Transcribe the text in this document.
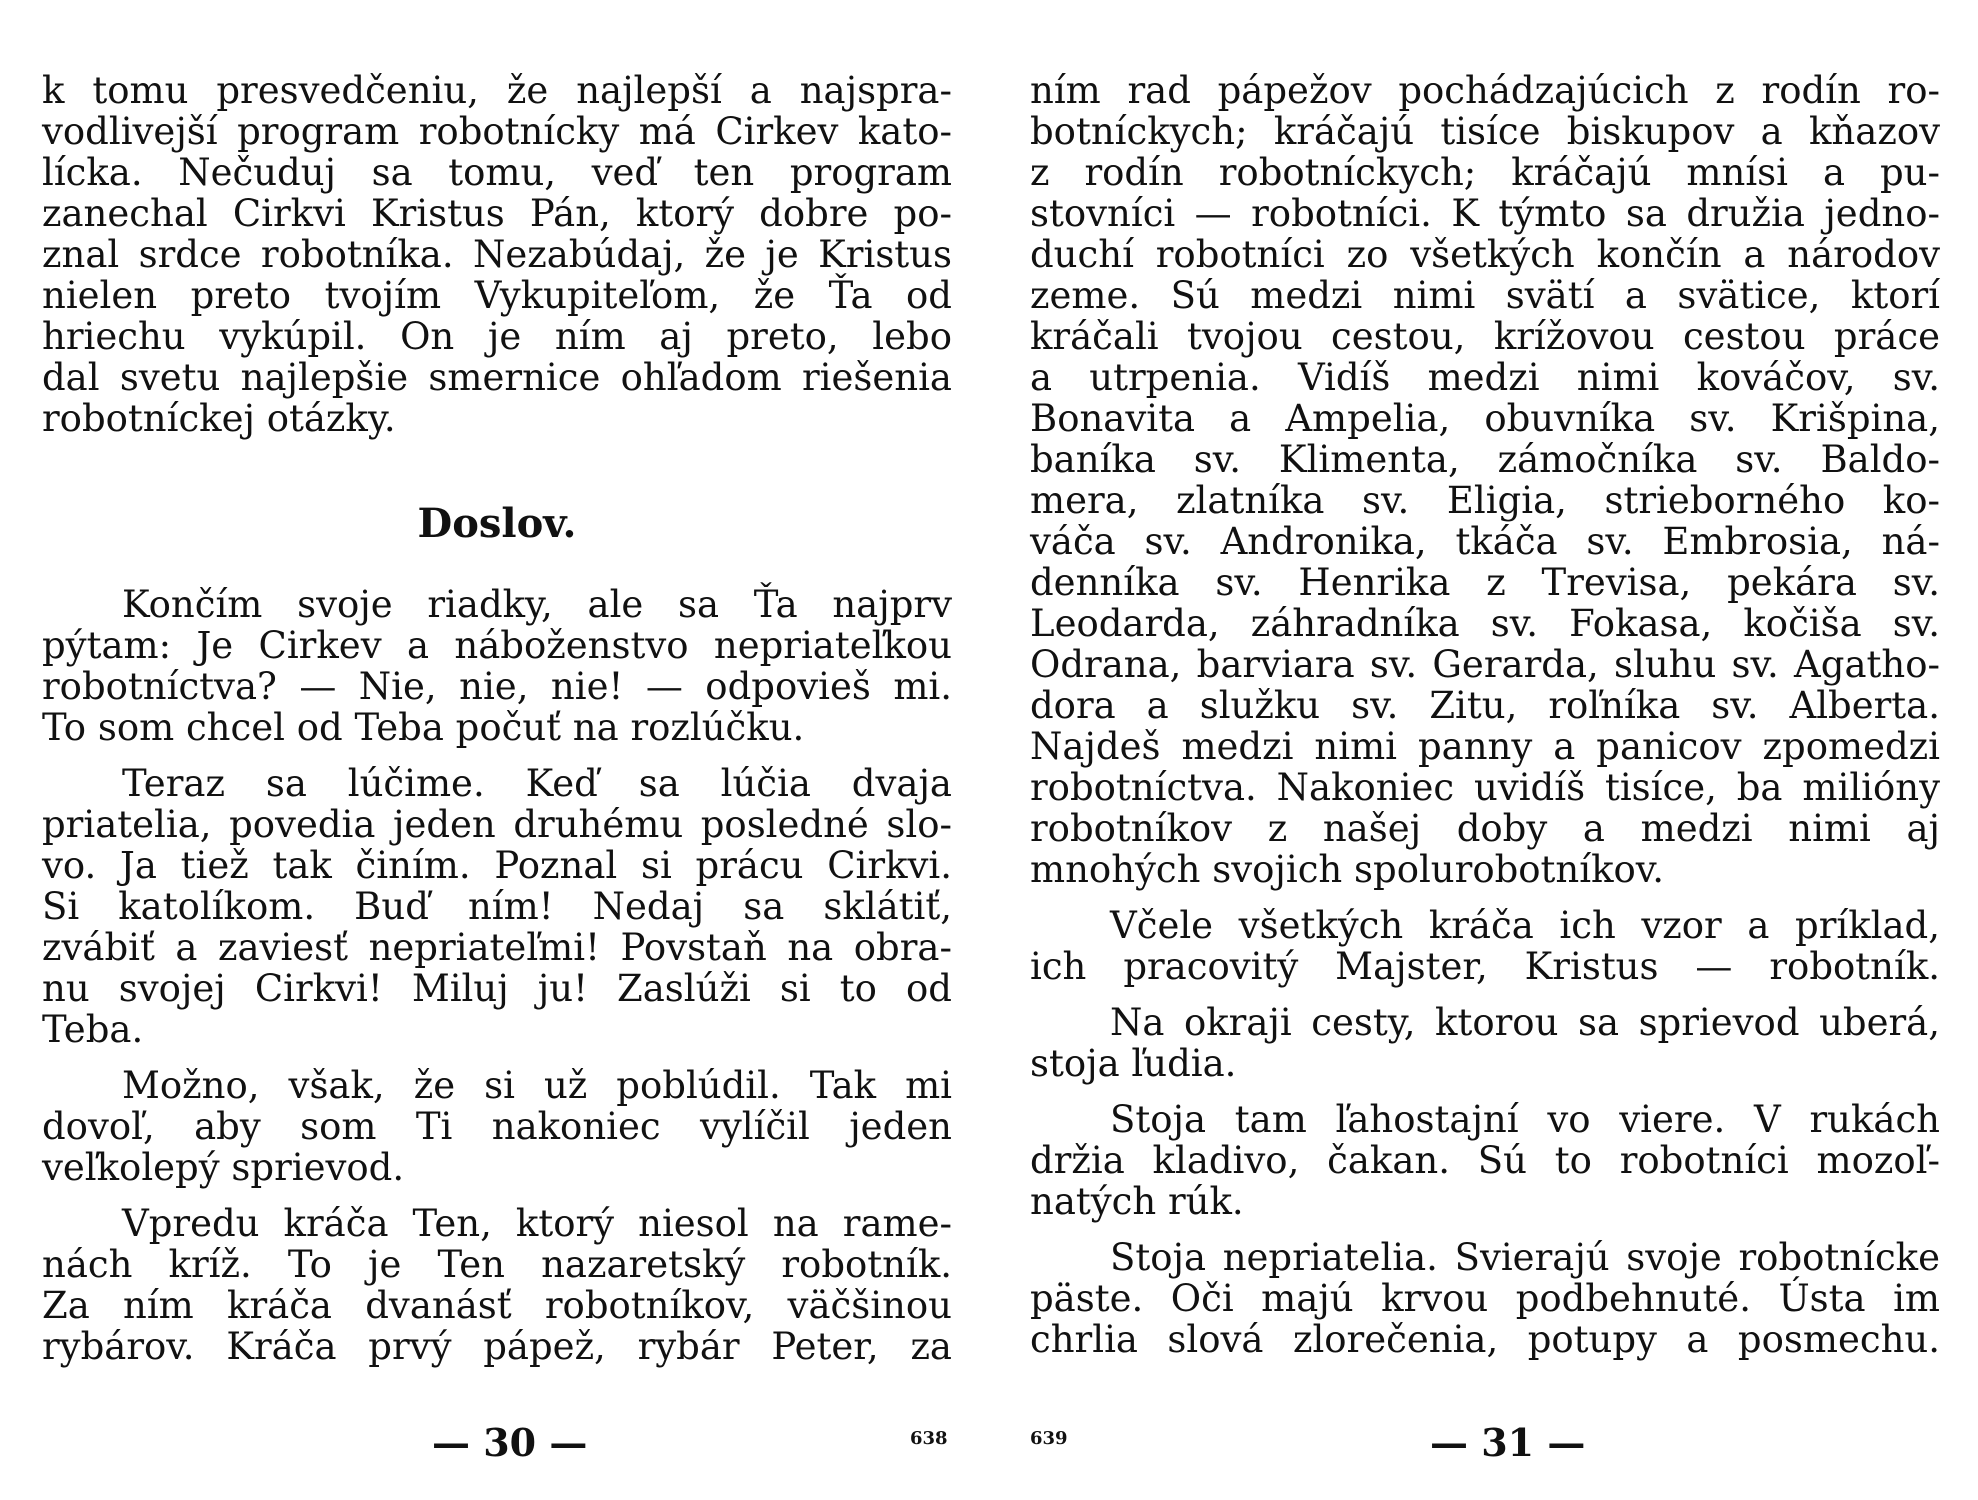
k tomu presvedčeniu, že najlepší a najspra-
vodlivejší program robotnícky má Cirkev kato-
lícka. Nečuduj sa tomu, veď ten program
zanechal Cirkvi Kristus Pán, ktorý dobre po-
znal srdce robotníka. Nezabúdaj, že je Kristus
nielen preto tvojím Vykupiteľom, že Ťa od
hriechu vykúpil. On je ním aj preto, lebo
dal svetu najlepšie smernice ohľadom riešenia
robotníckej otázky.
Doslov.
Končím svoje riadky, ale sa Ťa najprv
pýtam: Je Cirkev a náboženstvo nepriateľkou
robotníctva? — Nie, nie, nie! — odpovieš mi.
To som chcel od Teba počuť na rozlúčku.
Teraz sa lúčime. Keď sa lúčia dvaja
priatelia, povedia jeden druhému posledné slo-
vo. Ja tiež tak činím. Poznal si prácu Cirkvi.
Si katolíkom. Buď ním! Nedaj sa sklátiť,
zvábiť a zaviesť nepriateľmi! Povstaň na obra-
nu svojej Cirkvi! Miluj ju! Zaslúži si to od
Teba.
Možno, však, že si už poblúdil. Tak mi
dovoľ, aby som Ti nakoniec vylíčil jeden
veľkolepý sprievod.
Vpredu kráča Ten, ktorý niesol na rame-
nách kríž. To je Ten nazaretský robotník.
Za ním kráča dvanásť robotníkov, väčšinou
rybárov. Kráča prvý pápež, rybár Peter, za
— 30 —	638
ním rad pápežov pochádzajúcich z rodín ro-
botníckych; kráčajú tisíce biskupov a kňazov
z rodín robotníckych; kráčajú mnísi a pu-
stovníci — robotníci. K týmto sa družia jedno-
duchí robotníci zo všetkých končín a národov
zeme. Sú medzi nimi svätí a svätice, ktorí
kráčali tvojou cestou, krížovou cestou práce
a utrpenia. Vidíš medzi nimi kováčov, sv.
Bonavita a Ampelia, obuvníka sv. Krišpina,
baníka sv. Klimenta, zámočníka sv. Baldo-
mera, zlatníka sv. Eligia, strieborného ko-
váča sv. Andronika, tkáča sv. Embrosia, ná-
denníka sv. Henrika z Trevisa, pekára sv.
Leodarda, záhradníka sv. Fokasa, kočiša sv.
Odrana, barviara sv. Gerarda, sluhu sv. Agatho-
dora a služku sv. Zitu, roľníka sv. Alberta.
Najdeš medzi nimi panny a panicov zpomedzi
robotníctva. Nakoniec uvidíš tisíce, ba milióny
robotníkov z našej doby a medzi nimi aj
mnohých svojich spolurobotníkov.
Včele všetkých kráča ich vzor a príklad,
ich pracovitý Majster, Kristus — robotník.
Na okraji cesty, ktorou sa sprievod uberá,
stoja ľudia.
Stoja tam ľahostajní vo viere. V rukách
držia kladivo, čakan. Sú to robotníci mozoľ-
natých rúk.
Stoja nepriatelia. Svierajú svoje robotnícke
päste. Oči majú krvou podbehnuté. Ústa im
chrlia slová zlorečenia, potupy a posmechu.
639	— 31 —
